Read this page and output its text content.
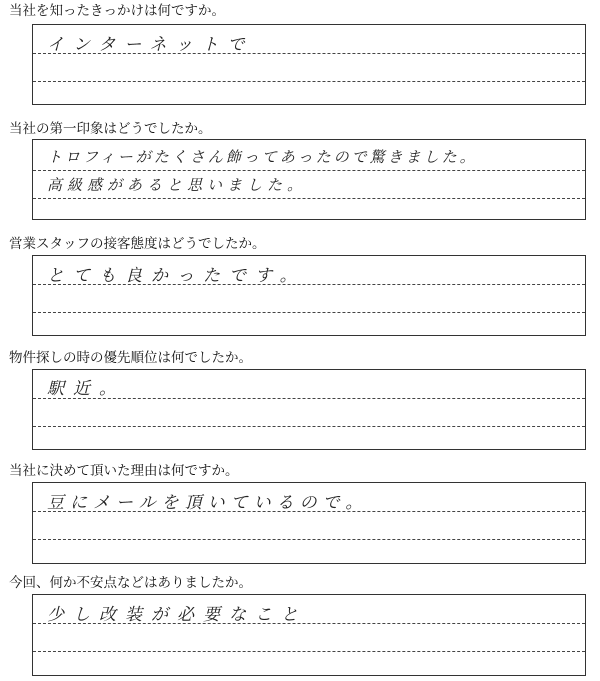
当社を知ったきっかけは何ですか。
インターネットで
当社の第一印象はどうでしたか。
トロフィーがたくさん飾ってあったので驚きました。
高級感があると思いました。
営業スタッフの接客態度はどうでしたか。
とても良かったです。
物件探しの時の優先順位は何でしたか。
駅近。
当社に決めて頂いた理由は何ですか。
豆にメールを頂いているので。
今回、何か不安点などはありましたか。
少し改装が必要なこと
